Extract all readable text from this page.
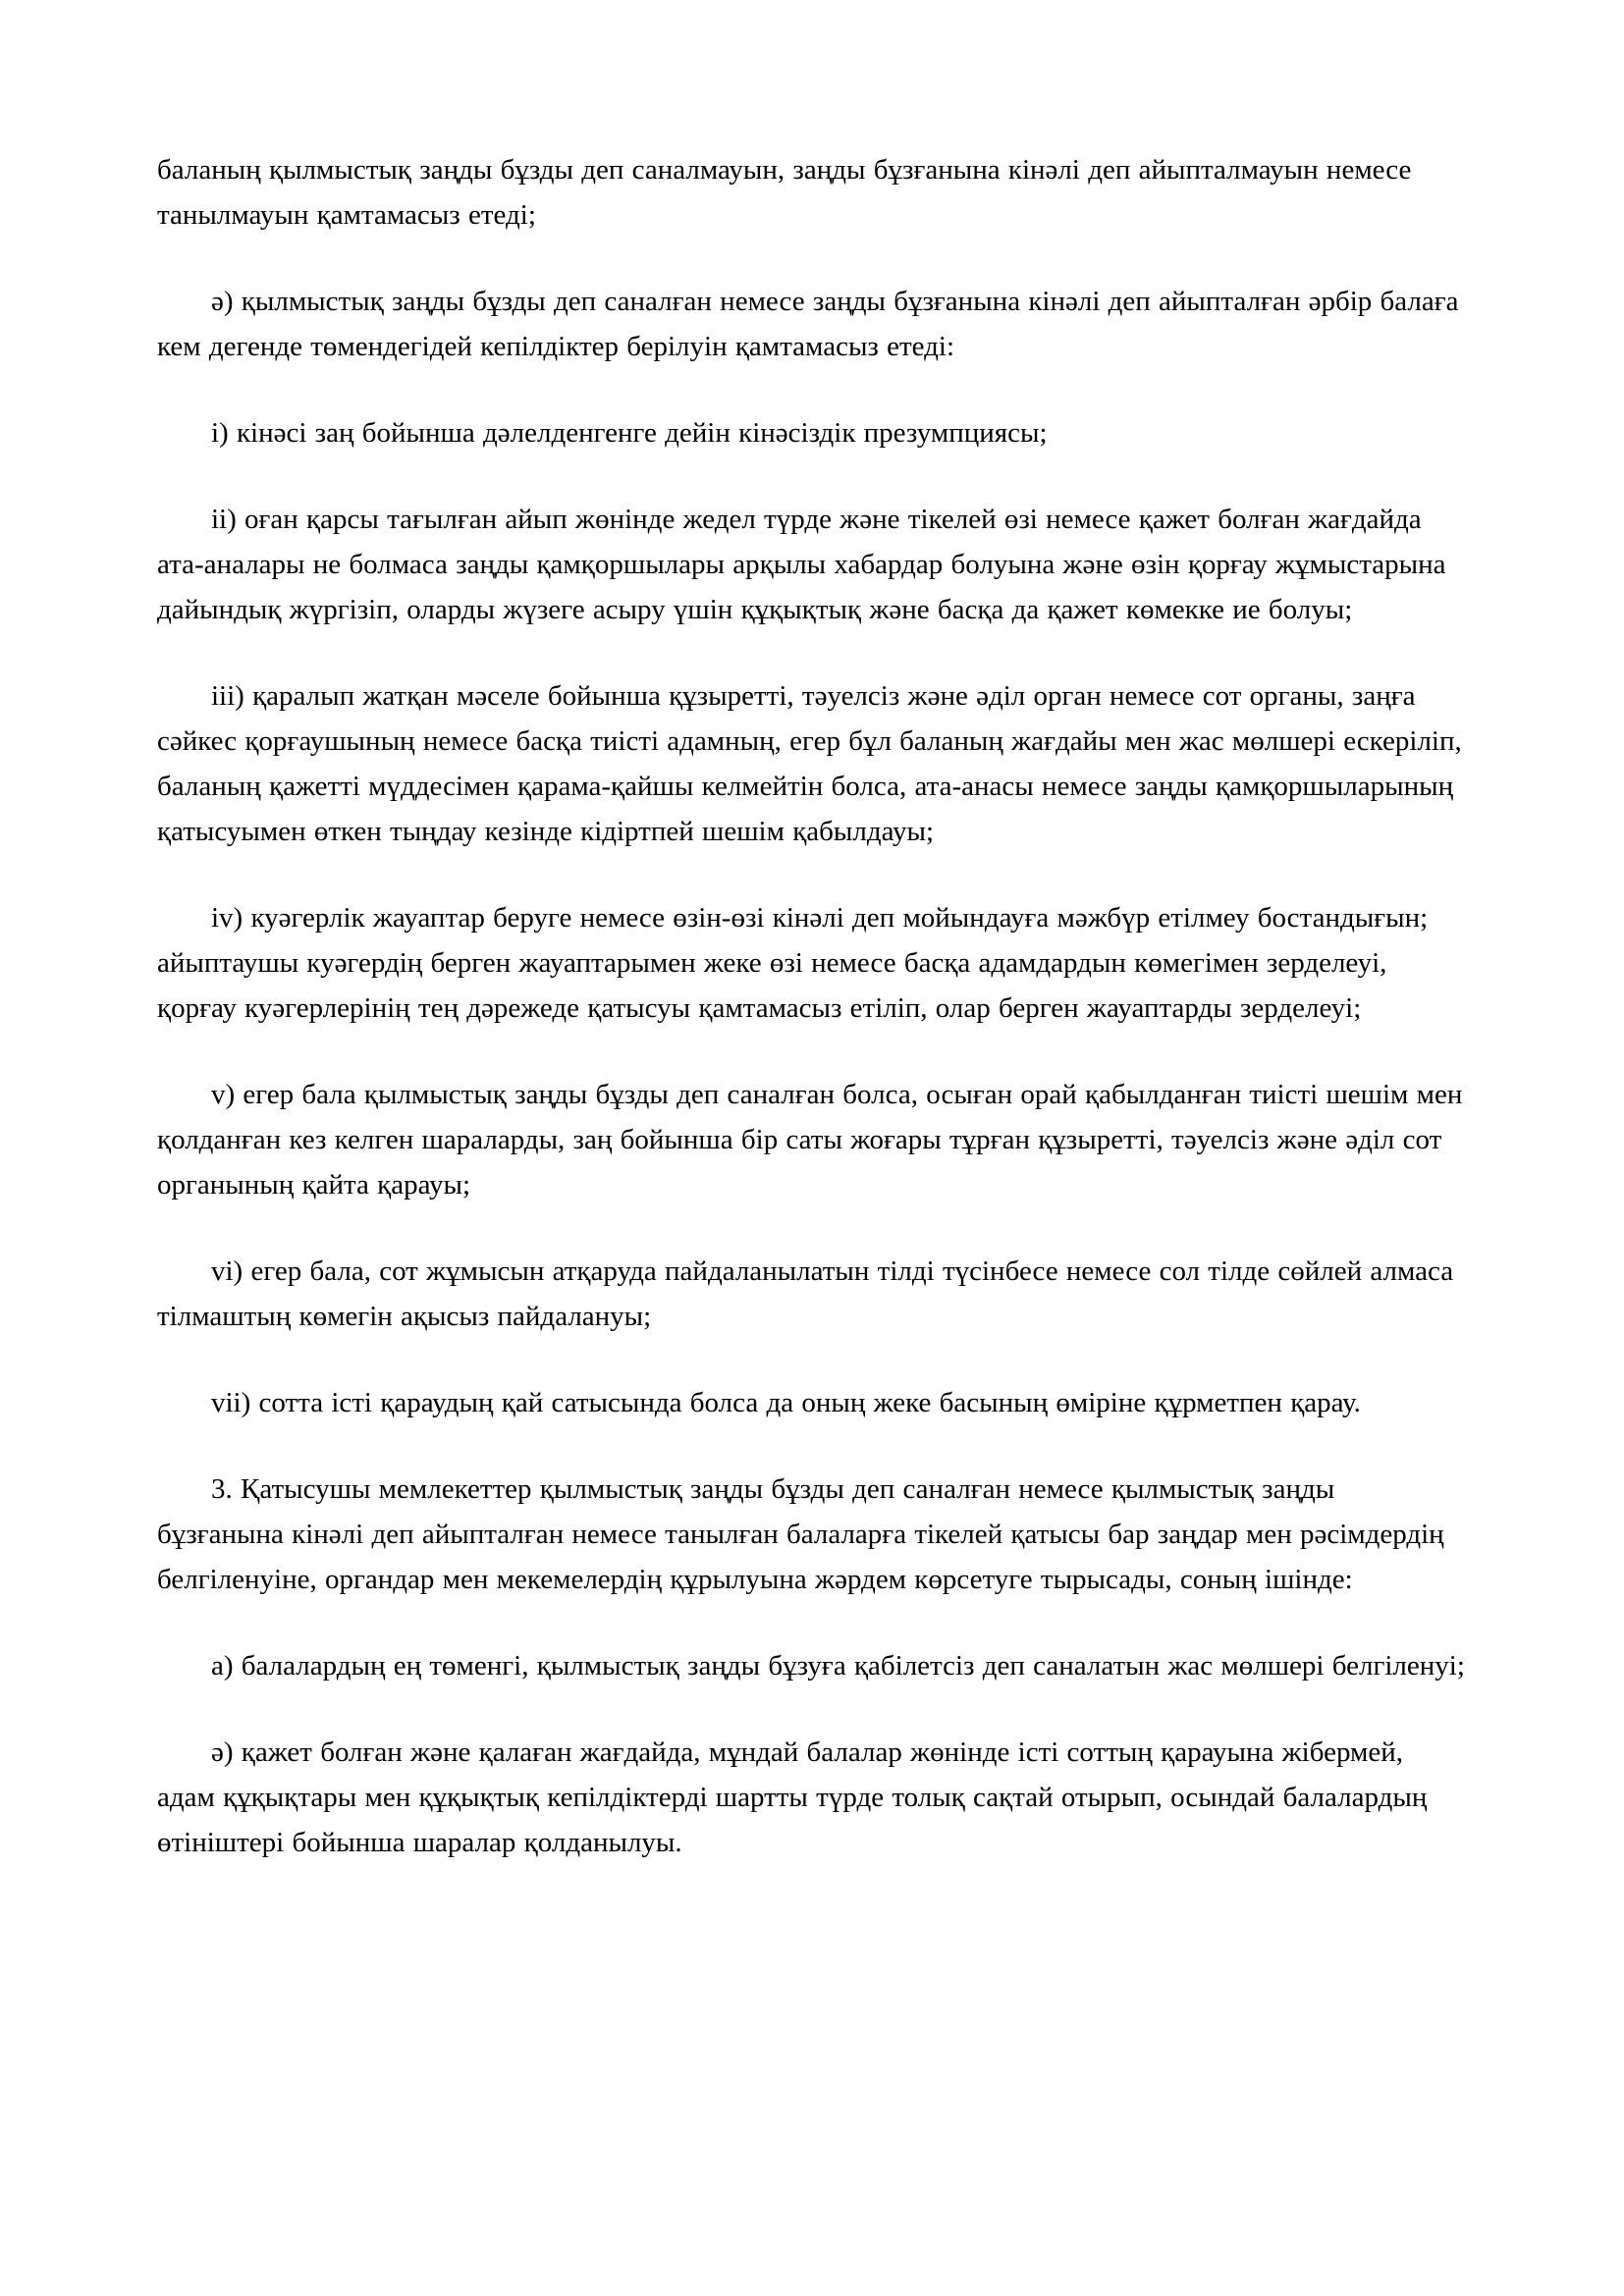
баланың қылмыстық заңды бұзды деп саналмауын, заңды бұзғанына кінәлі деп айыпталмауын немесе танылмауын қамтамасыз етеді;

ә) қылмыстық заңды бұзды деп саналған немесе заңды бұзғанына кінәлі деп айыпталған әрбір балаға кем дегенде төмендегідей кепілдіктер берілуін қамтамасыз етеді:

i) кінәсі заң бойынша дәлелденгенге дейін кінәсіздік презумпциясы;

ii) оған қарсы тағылған айып жөнінде жедел түрде және тікелей өзі немесе қажет болған жағдайда ата-аналары не болмаса заңды қамқоршылары арқылы хабардар болуына және өзін қорғау жұмыстарына дайындық жүргізіп, оларды жүзеге асыру үшін құқықтық және басқа да қажет көмекке ие болуы;

iii) қаралып жатқан мәселе бойынша құзыретті, тәуелсіз және әділ орган немесе сот органы, заңға сәйкес қорғаушының немесе басқа тиісті адамның, егер бұл баланың жағдайы мен жас мөлшері ескеріліп, баланың қажетті мүддесімен қарама-қайшы келмейтін болса, ата-анасы немесе заңды қамқоршыларының қатысуымен өткен тыңдау кезінде кідіртпей шешім қабылдауы;

iv) куәгерлік жауаптар беруге немесе өзін-өзі кінәлі деп мойындауға мәжбүр етілмеу бостандығын; айыптаушы куәгердің берген жауаптарымен жеке өзі немесе басқа адамдардын көмегімен зерделеуі, қорғау куәгерлерінің тең дәрежеде қатысуы қамтамасыз етіліп, олар берген жауаптарды зерделеуі;

v) егер бала қылмыстық заңды бұзды деп саналған болса, осыған орай қабылданған тиісті шешім мен қолданған кез келген шараларды, заң бойынша бір саты жоғары тұрған құзыретті, тәуелсіз және әділ сот органының қайта қарауы;

vi) егер бала, сот жұмысын атқаруда пайдаланылатын тілді түсінбесе немесе сол тілде сөйлей алмаса тілмаштың көмегін ақысыз пайдалануы;

vii) сотта істі қараудың қай сатысында болса да оның жеке басының өміріне құрметпен қарау.

3. Қатысушы мемлекеттер қылмыстық заңды бұзды деп саналған немесе қылмыстық заңды бұзғанына кінәлі деп айыпталған немесе танылған балаларға тікелей қатысы бар заңдар мен рәсімдердің белгіленуіне, органдар мен мекемелердің құрылуына жәрдем көрсетуге тырысады, соның ішінде:

а) балалардың ең төменгі, қылмыстық заңды бұзуға қабілетсіз деп саналатын жас мөлшері белгіленуі;

ә) қажет болған және қалаған жағдайда, мұндай балалар жөнінде істі соттың қарауына жібермей, адам құқықтары мен құқықтық кепілдіктерді шартты түрде толық сақтай отырып, осындай балалардың өтініштері бойынша шаралар қолданылуы.
